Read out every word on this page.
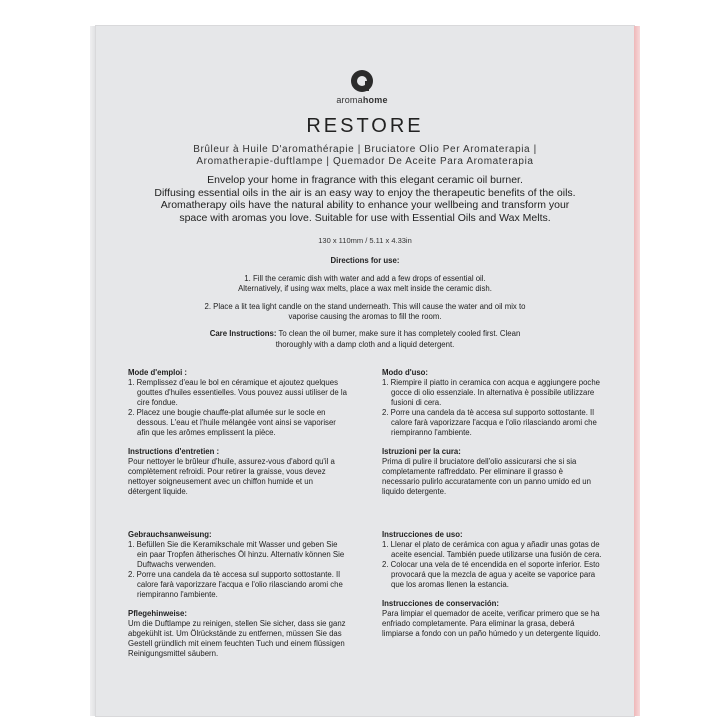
aromahome
RESTORE
Brûleur à Huile D'aromathérapie | Bruciatore Olio Per Aromaterapia |
Aromatherapie-duftlampe | Quemador De Aceite Para Aromaterapia
Envelop your home in fragrance with this elegant ceramic oil burner.
Diffusing essential oils in the air is an easy way to enjoy the therapeutic benefits of the oils.
Aromatherapy oils have the natural ability to enhance your wellbeing and transform your
space with aromas you love. Suitable for use with Essential Oils and Wax Melts.
130 x 110mm / 5.11 x 4.33in

Directions for use:

1. Fill the ceramic dish with water and add a few drops of essential oil.
Alternatively, if using wax melts, place a wax melt inside the ceramic dish.

2. Place a lit tea light candle on the stand underneath. This will cause the water and oil mix to
vaporise causing the aromas to fill the room.

Care Instructions: To clean the oil burner, make sure it has completely cooled first. Clean
thoroughly with a damp cloth and a liquid detergent.

Mode d'emploi :

1. Remplissez d'eau le bol en céramique et ajoutez quelques gouttes d'huiles essentielles. Vous pouvez aussi utiliser de la cire fondue.

2. Placez une bougie chauffe-plat allumée sur le socle en dessous. L'eau et l'huile mélangée vont ainsi se vaporiser afin que les arômes emplissent la pièce.

Instructions d'entretien :

Pour nettoyer le brûleur d'huile, assurez-vous d'abord qu'il a complètement refroidi. Pour retirer la graisse, vous devez nettoyer soigneusement avec un chiffon humide et un détergent liquide.

Modo d'uso:

1. Riempire il piatto in ceramica con acqua e aggiungere poche gocce di olio essenziale. In alternativa è possibile utilizzare fusioni di cera.

2. Porre una candela da tè accesa sul supporto sottostante. Il calore farà vaporizzare l'acqua e l'olio rilasciando aromi che riempiranno l'ambiente.

Istruzioni per la cura:

Prima di pulire il bruciatore dell'olio assicurarsi che si sia completamente raffreddato. Per eliminare il grasso è necessario pulirlo accuratamente con un panno umido ed un liquido detergente.

Gebrauchsanweisung:

1. Befüllen Sie die Keramikschale mit Wasser und geben Sie ein paar Tropfen ätherisches Öl hinzu. Alternativ können Sie Duftwachs verwenden.

2. Porre una candela da tè accesa sul supporto sottostante. Il calore farà vaporizzare l'acqua e l'olio rilasciando aromi che riempiranno l'ambiente.

Pflegehinweise:

Um die Duftlampe zu reinigen, stellen Sie sicher, dass sie ganz abgekühlt ist. Um Ölrückstände zu entfernen, müssen Sie das Gestell gründlich mit einem feuchten Tuch und einem flüssigen Reinigungsmittel säubern.

Instrucciones de uso:

1. Llenar el plato de cerámica con agua y añadir unas gotas de aceite esencial. También puede utilizarse una fusión de cera.

2. Colocar una vela de té encendida en el soporte inferior. Esto provocará que la mezcla de agua y aceite se vaporice para que los aromas llenen la estancia.

Instrucciones de conservación:

Para limpiar el quemador de aceite, verificar primero que se ha enfriado completamente. Para eliminar la grasa, deberá limpiarse a fondo con un paño húmedo y un detergente líquido.
